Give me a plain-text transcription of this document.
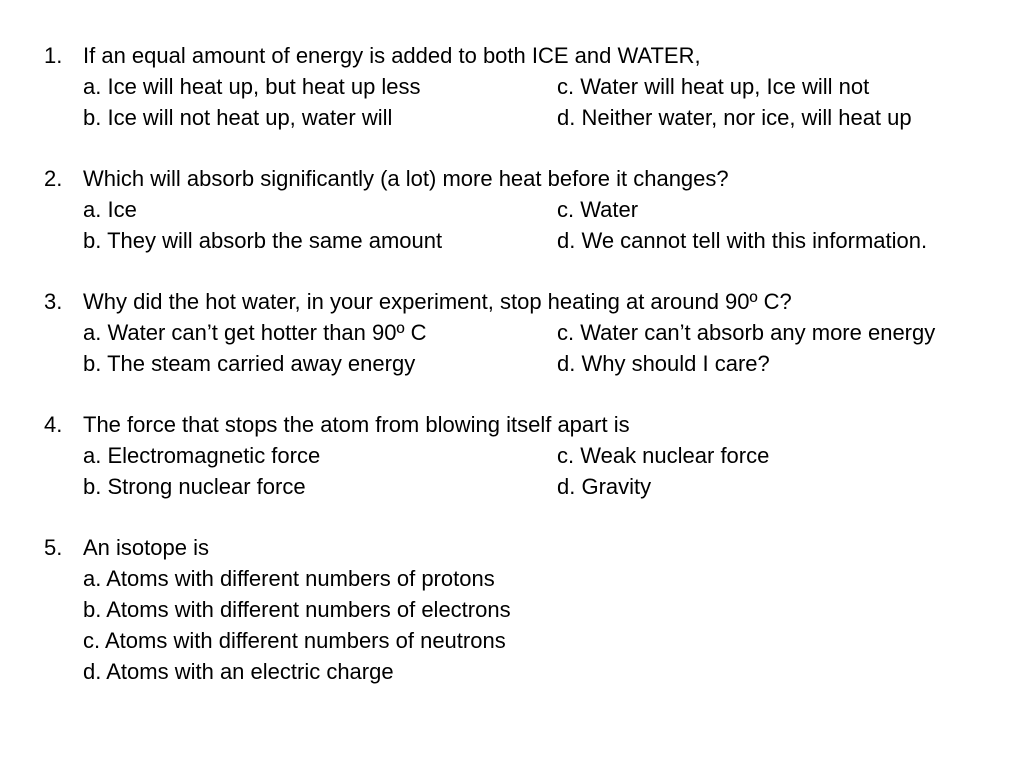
1. If an equal amount of energy is added to both ICE and WATER,
a. Ice will heat up, but heat up less	c. Water will heat up, Ice will not
b. Ice will not heat up, water will	d. Neither water, nor ice, will heat up
2. Which will absorb significantly (a lot) more heat before it changes?
a. Ice	c. Water
b. They will absorb the same amount	d. We cannot tell with this information.
3. Why did the hot water, in your experiment, stop heating at around 90º C?
a. Water can’t get hotter than 90º C	c. Water can’t absorb any more energy
b. The steam carried away energy	d. Why should I care?
4. The force that stops the atom from blowing itself apart is
a. Electromagnetic force	c. Weak nuclear force
b. Strong nuclear force	d. Gravity
5. An isotope is
a. Atoms with different numbers of protons
b. Atoms with different numbers of electrons
c. Atoms with different numbers of neutrons
d. Atoms with an electric charge
